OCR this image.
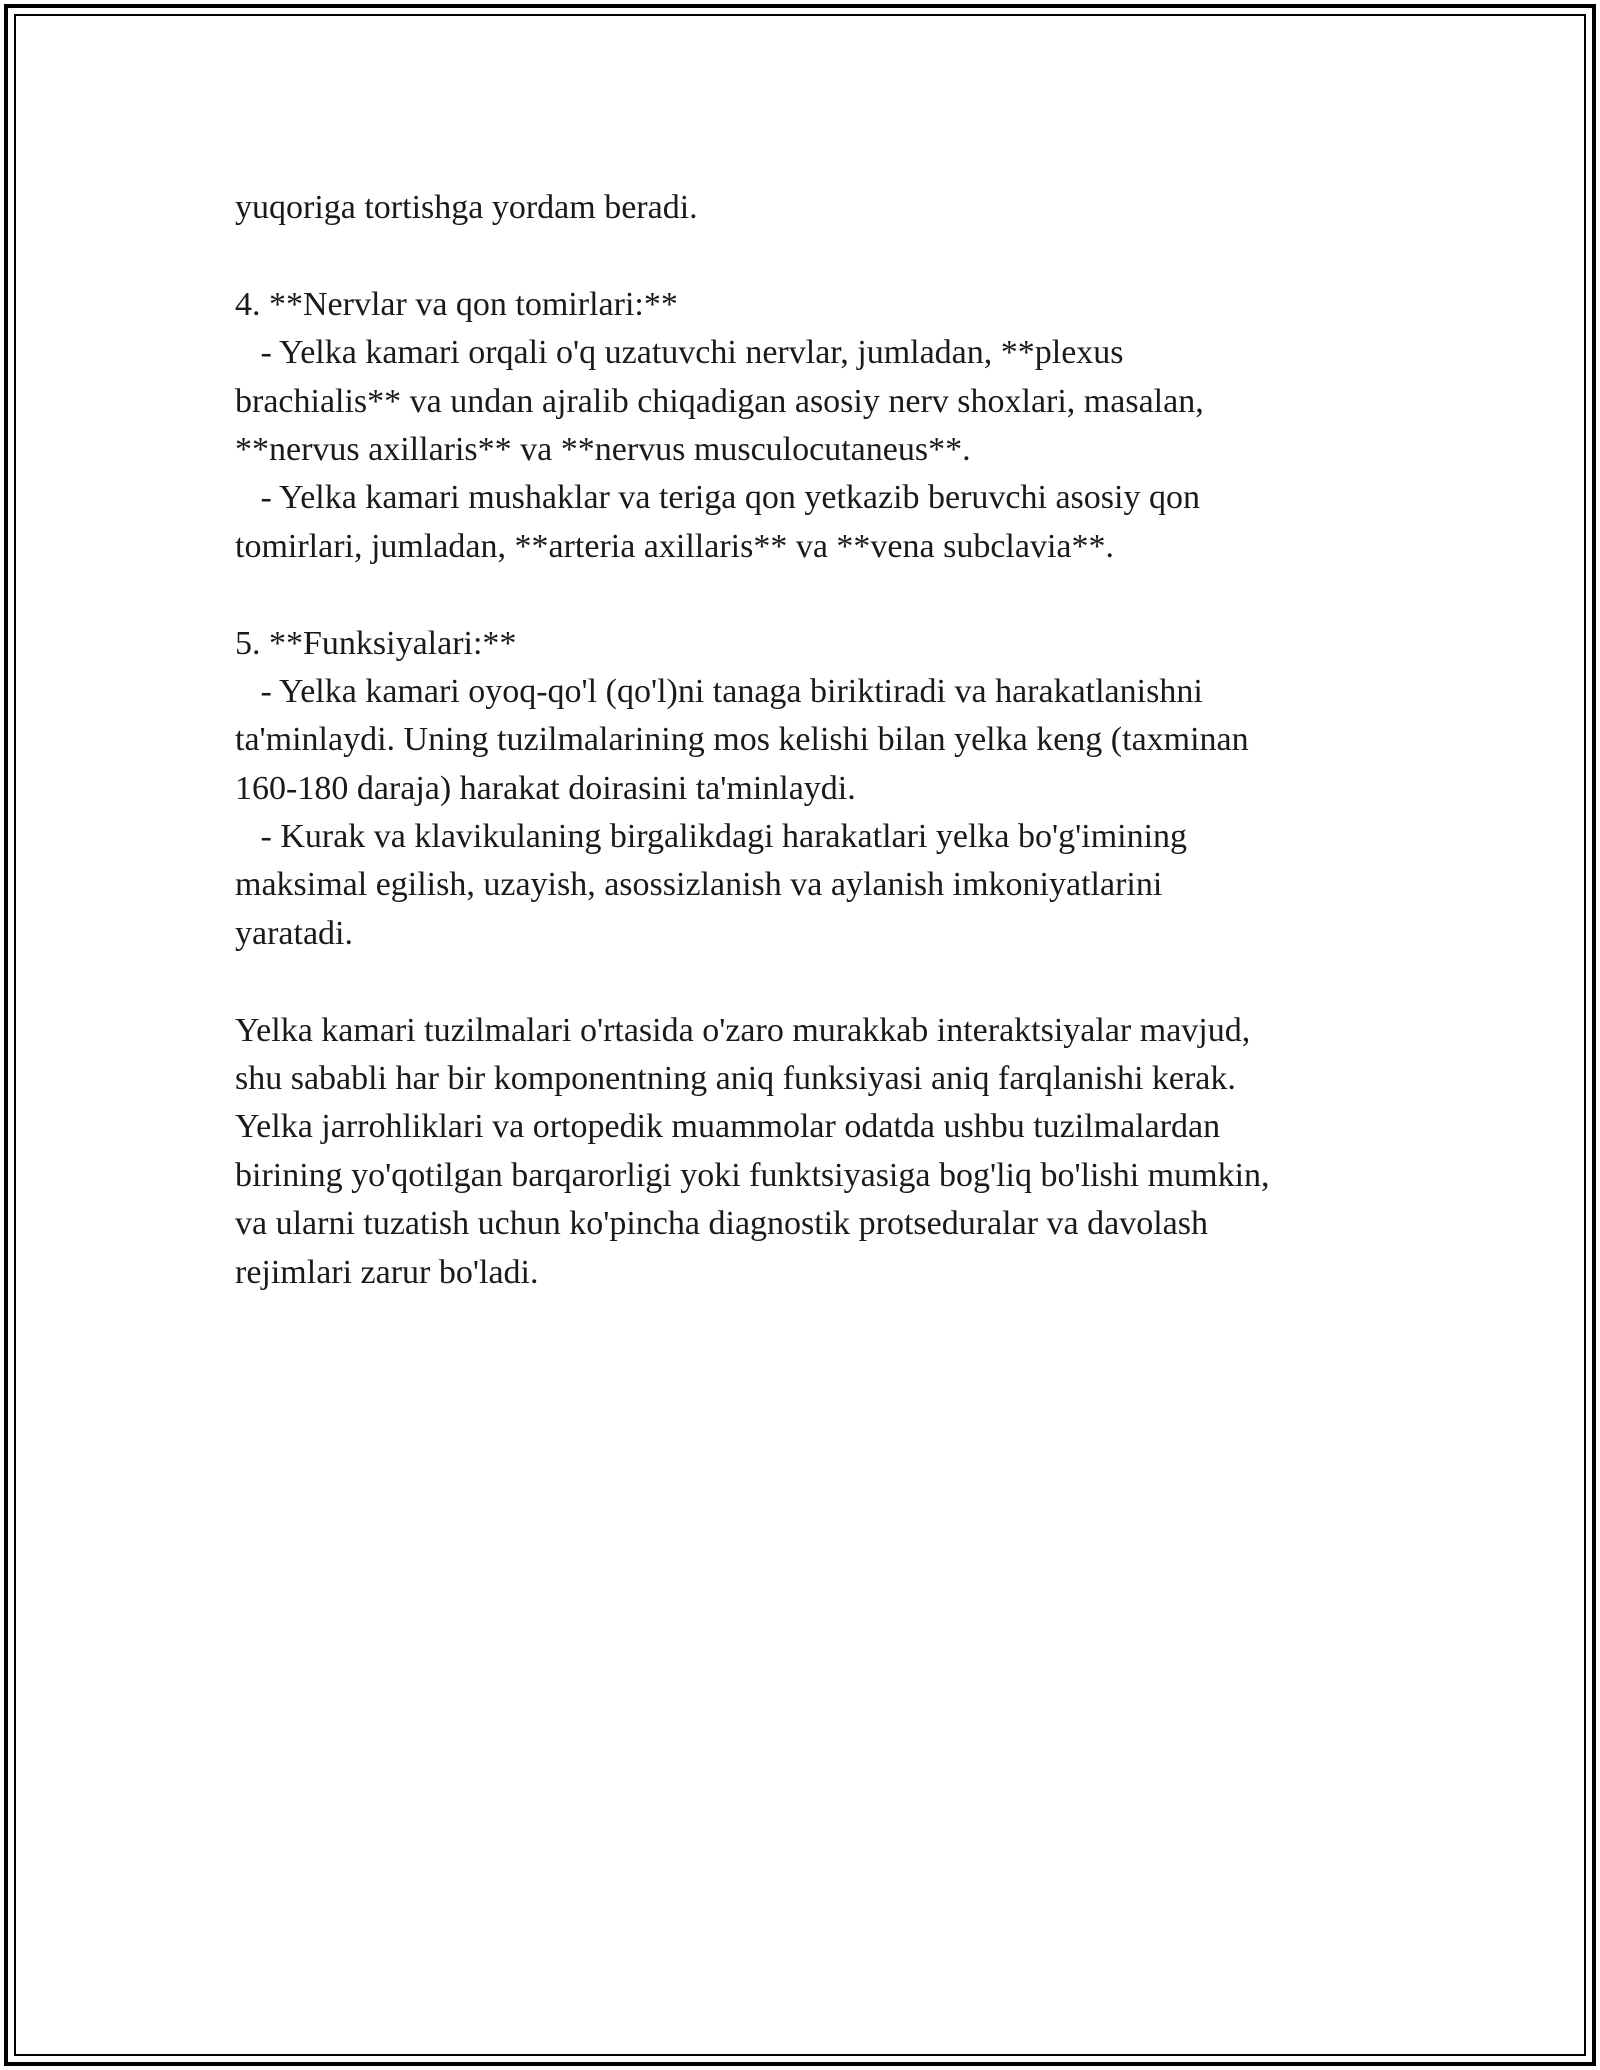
yuqoriga tortishga yordam beradi.

4. **Nervlar va qon tomirlari:**

- Yelka kamari orqali o'q uzatuvchi nervlar, jumladan, **plexus

brachialis** va undan ajralib chiqadigan asosiy nerv shoxlari, masalan,

**nervus axillaris** va **nervus musculocutaneus**.

- Yelka kamari mushaklar va teriga qon yetkazib beruvchi asosiy qon

tomirlari, jumladan, **arteria axillaris** va **vena subclavia**.

5. **Funksiyalari:**

- Yelka kamari oyoq-qo'l (qo'l)ni tanaga biriktiradi va harakatlanishni

ta'minlaydi. Uning tuzilmalarining mos kelishi bilan yelka keng (taxminan

160-180 daraja) harakat doirasini ta'minlaydi.

- Kurak va klavikulaning birgalikdagi harakatlari yelka bo'g'imining

maksimal egilish, uzayish, asossizlanish va aylanish imkoniyatlarini

yaratadi.

Yelka kamari tuzilmalari o'rtasida o'zaro murakkab interaktsiyalar mavjud,

shu sababli har bir komponentning aniq funksiyasi aniq farqlanishi kerak.

Yelka jarrohliklari va ortopedik muammolar odatda ushbu tuzilmalardan

birining yo'qotilgan barqarorligi yoki funktsiyasiga bog'liq bo'lishi mumkin,

va ularni tuzatish uchun ko'pincha diagnostik protseduralar va davolash

rejimlari zarur bo'ladi.
